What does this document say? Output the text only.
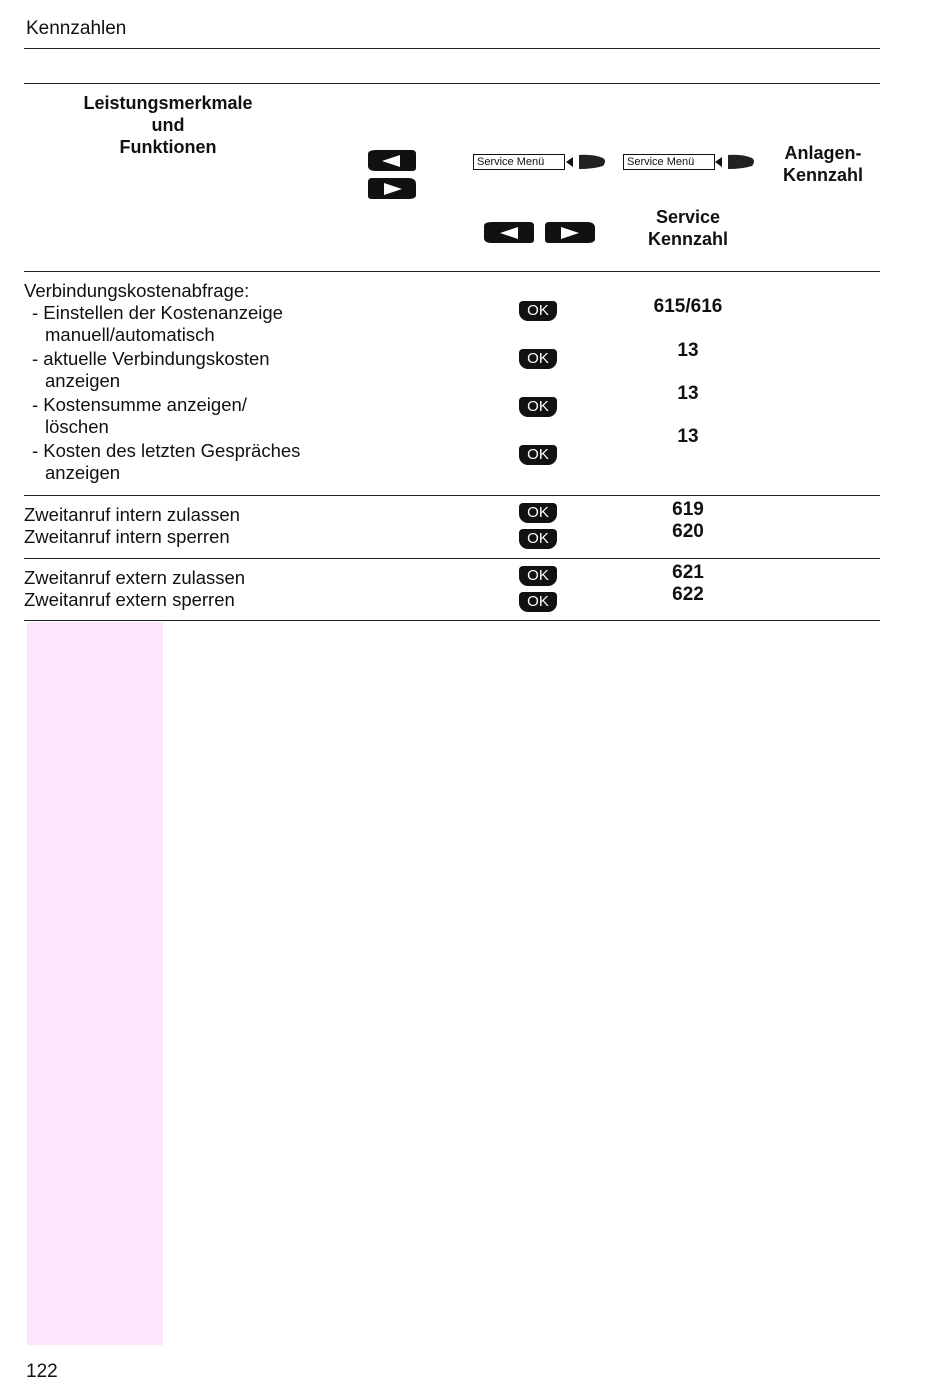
Kennzahlen
Leistungsmerkmale
und
Funktionen
Service Menü	Service Menü
Service
Kennzahl
Anlagen-
Kennzahl
Verbindungskostenabfrage:
- Einstellen der Kostenanzeige
manuell/automatisch
- aktuelle Verbindungskosten
anzeigen
- Kostensumme anzeigen/
löschen
- Kosten des letzten Gespräches
anzeigen
OK
OK
OK
OK
615/616
13
13
13
Zweitanruf intern zulassen
Zweitanruf intern sperren
OK
OK
619
620
Zweitanruf extern zulassen
Zweitanruf extern sperren
OK
OK
621
622
122
